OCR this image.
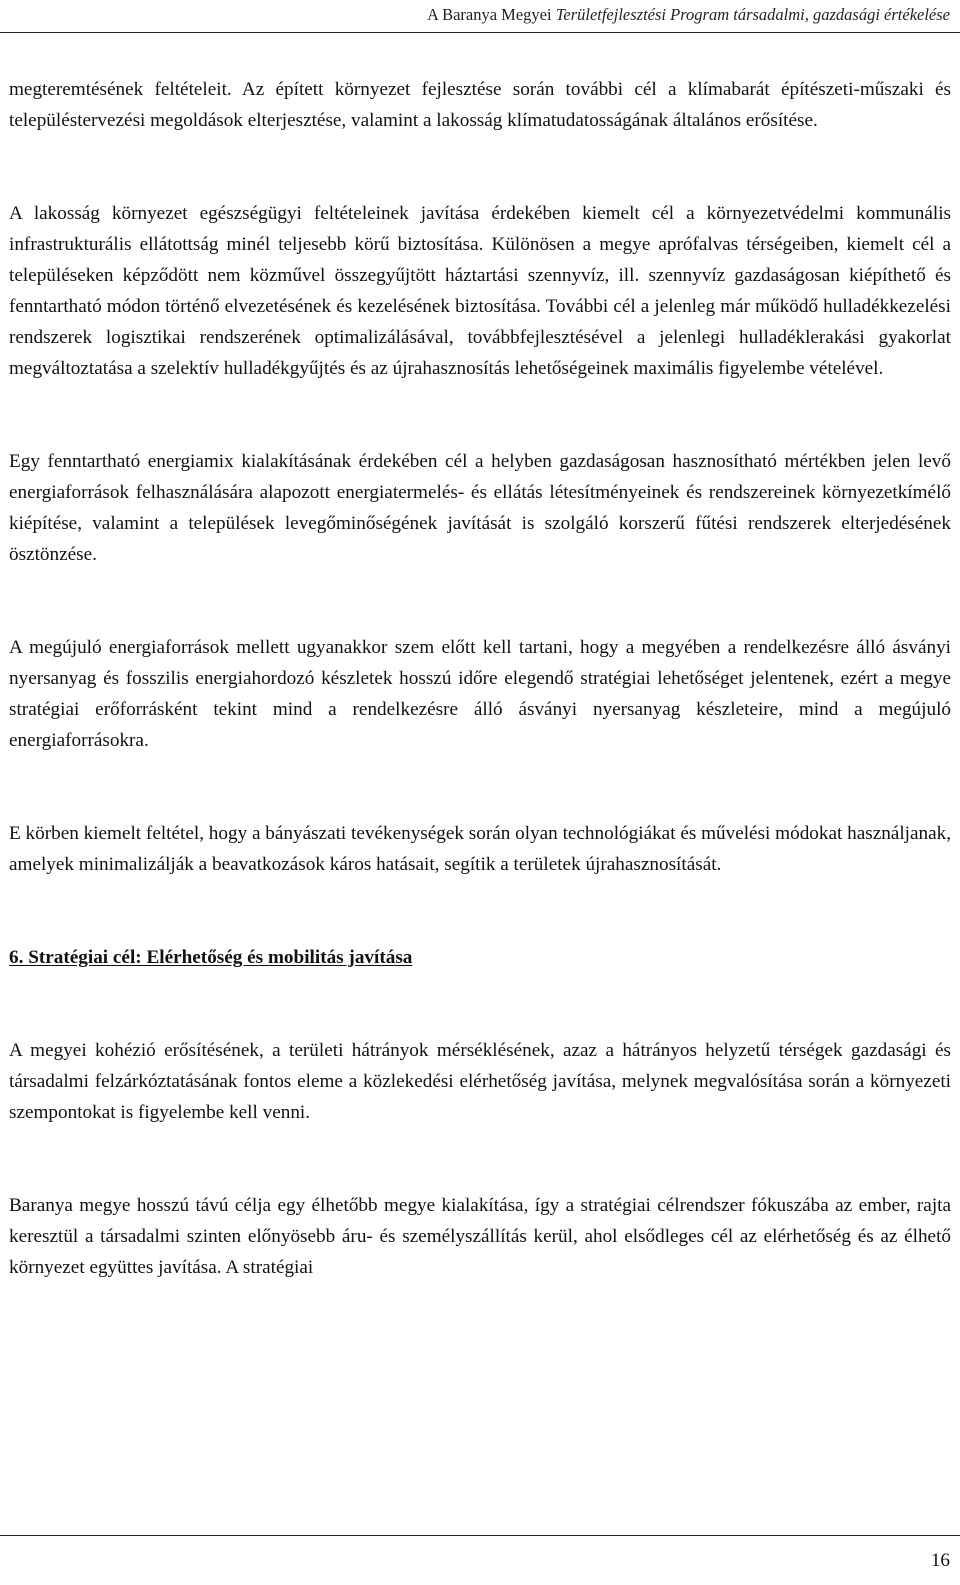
A Baranya Megyei Területfejlesztési Program társadalmi, gazdasági értékelése

megteremtésének feltételeit. Az épített környezet fejlesztése során további cél a klímabarát építészeti-műszaki és településtervezési megoldások elterjesztése, valamint a lakosság klímatudatosságának általános erősítése.

A lakosság környezet egészségügyi feltételeinek javítása érdekében kiemelt cél a környezetvédelmi kommunális infrastrukturális ellátottság minél teljesebb körű biztosítása. Különösen a megye aprófalvas térségeiben, kiemelt cél a településeken képződött nem közművel összegyűjtött háztartási szennyvíz, ill. szennyvíz gazdaságosan kiépíthető és fenntartható módon történő elvezetésének és kezelésének biztosítása. További cél a jelenleg már működő hulladékkezelési rendszerek logisztikai rendszerének optimalizálásával, továbbfejlesztésével a jelenlegi hulladéklerakási gyakorlat megváltoztatása a szelektív hulladékgyűjtés és az újrahasznosítás lehetőségeinek maximális figyelembe vételével.

Egy fenntartható energiamix kialakításának érdekében cél a helyben gazdaságosan hasznosítható mértékben jelen levő energiaforrások felhasználására alapozott energiatermelés- és ellátás létesítményeinek és rendszereinek környezetkímélő kiépítése, valamint a települések levegőminőségének javítását is szolgáló korszerű fűtési rendszerek elterjedésének ösztönzése.

A megújuló energiaforrások mellett ugyanakkor szem előtt kell tartani, hogy a megyében a rendelkezésre álló ásványi nyersanyag és fosszilis energiahordozó készletek hosszú időre elegendő stratégiai lehetőséget jelentenek, ezért a megye stratégiai erőforrásként tekint mind a rendelkezésre álló ásványi nyersanyag készleteire, mind a megújuló energiaforrásokra.

E körben kiemelt feltétel, hogy a bányászati tevékenységek során olyan technológiákat és művelési módokat használjanak, amelyek minimalizálják a beavatkozások káros hatásait, segítik a területek újrahasznosítását.

6. Stratégiai cél: Elérhetőség és mobilitás javítása

A megyei kohézió erősítésének, a területi hátrányok mérséklésének, azaz a hátrányos helyzetű térségek gazdasági és társadalmi felzárkóztatásának fontos eleme a közlekedési elérhetőség javítása, melynek megvalósítása során a környezeti szempontokat is figyelembe kell venni.

Baranya megye hosszú távú célja egy élhetőbb megye kialakítása, így a stratégiai célrendszer fókuszába az ember, rajta keresztül a társadalmi szinten előnyösebb áru- és személyszállítás kerül, ahol elsődleges cél az elérhetőség és az élhető környezet együttes javítása. A stratégiai

16
